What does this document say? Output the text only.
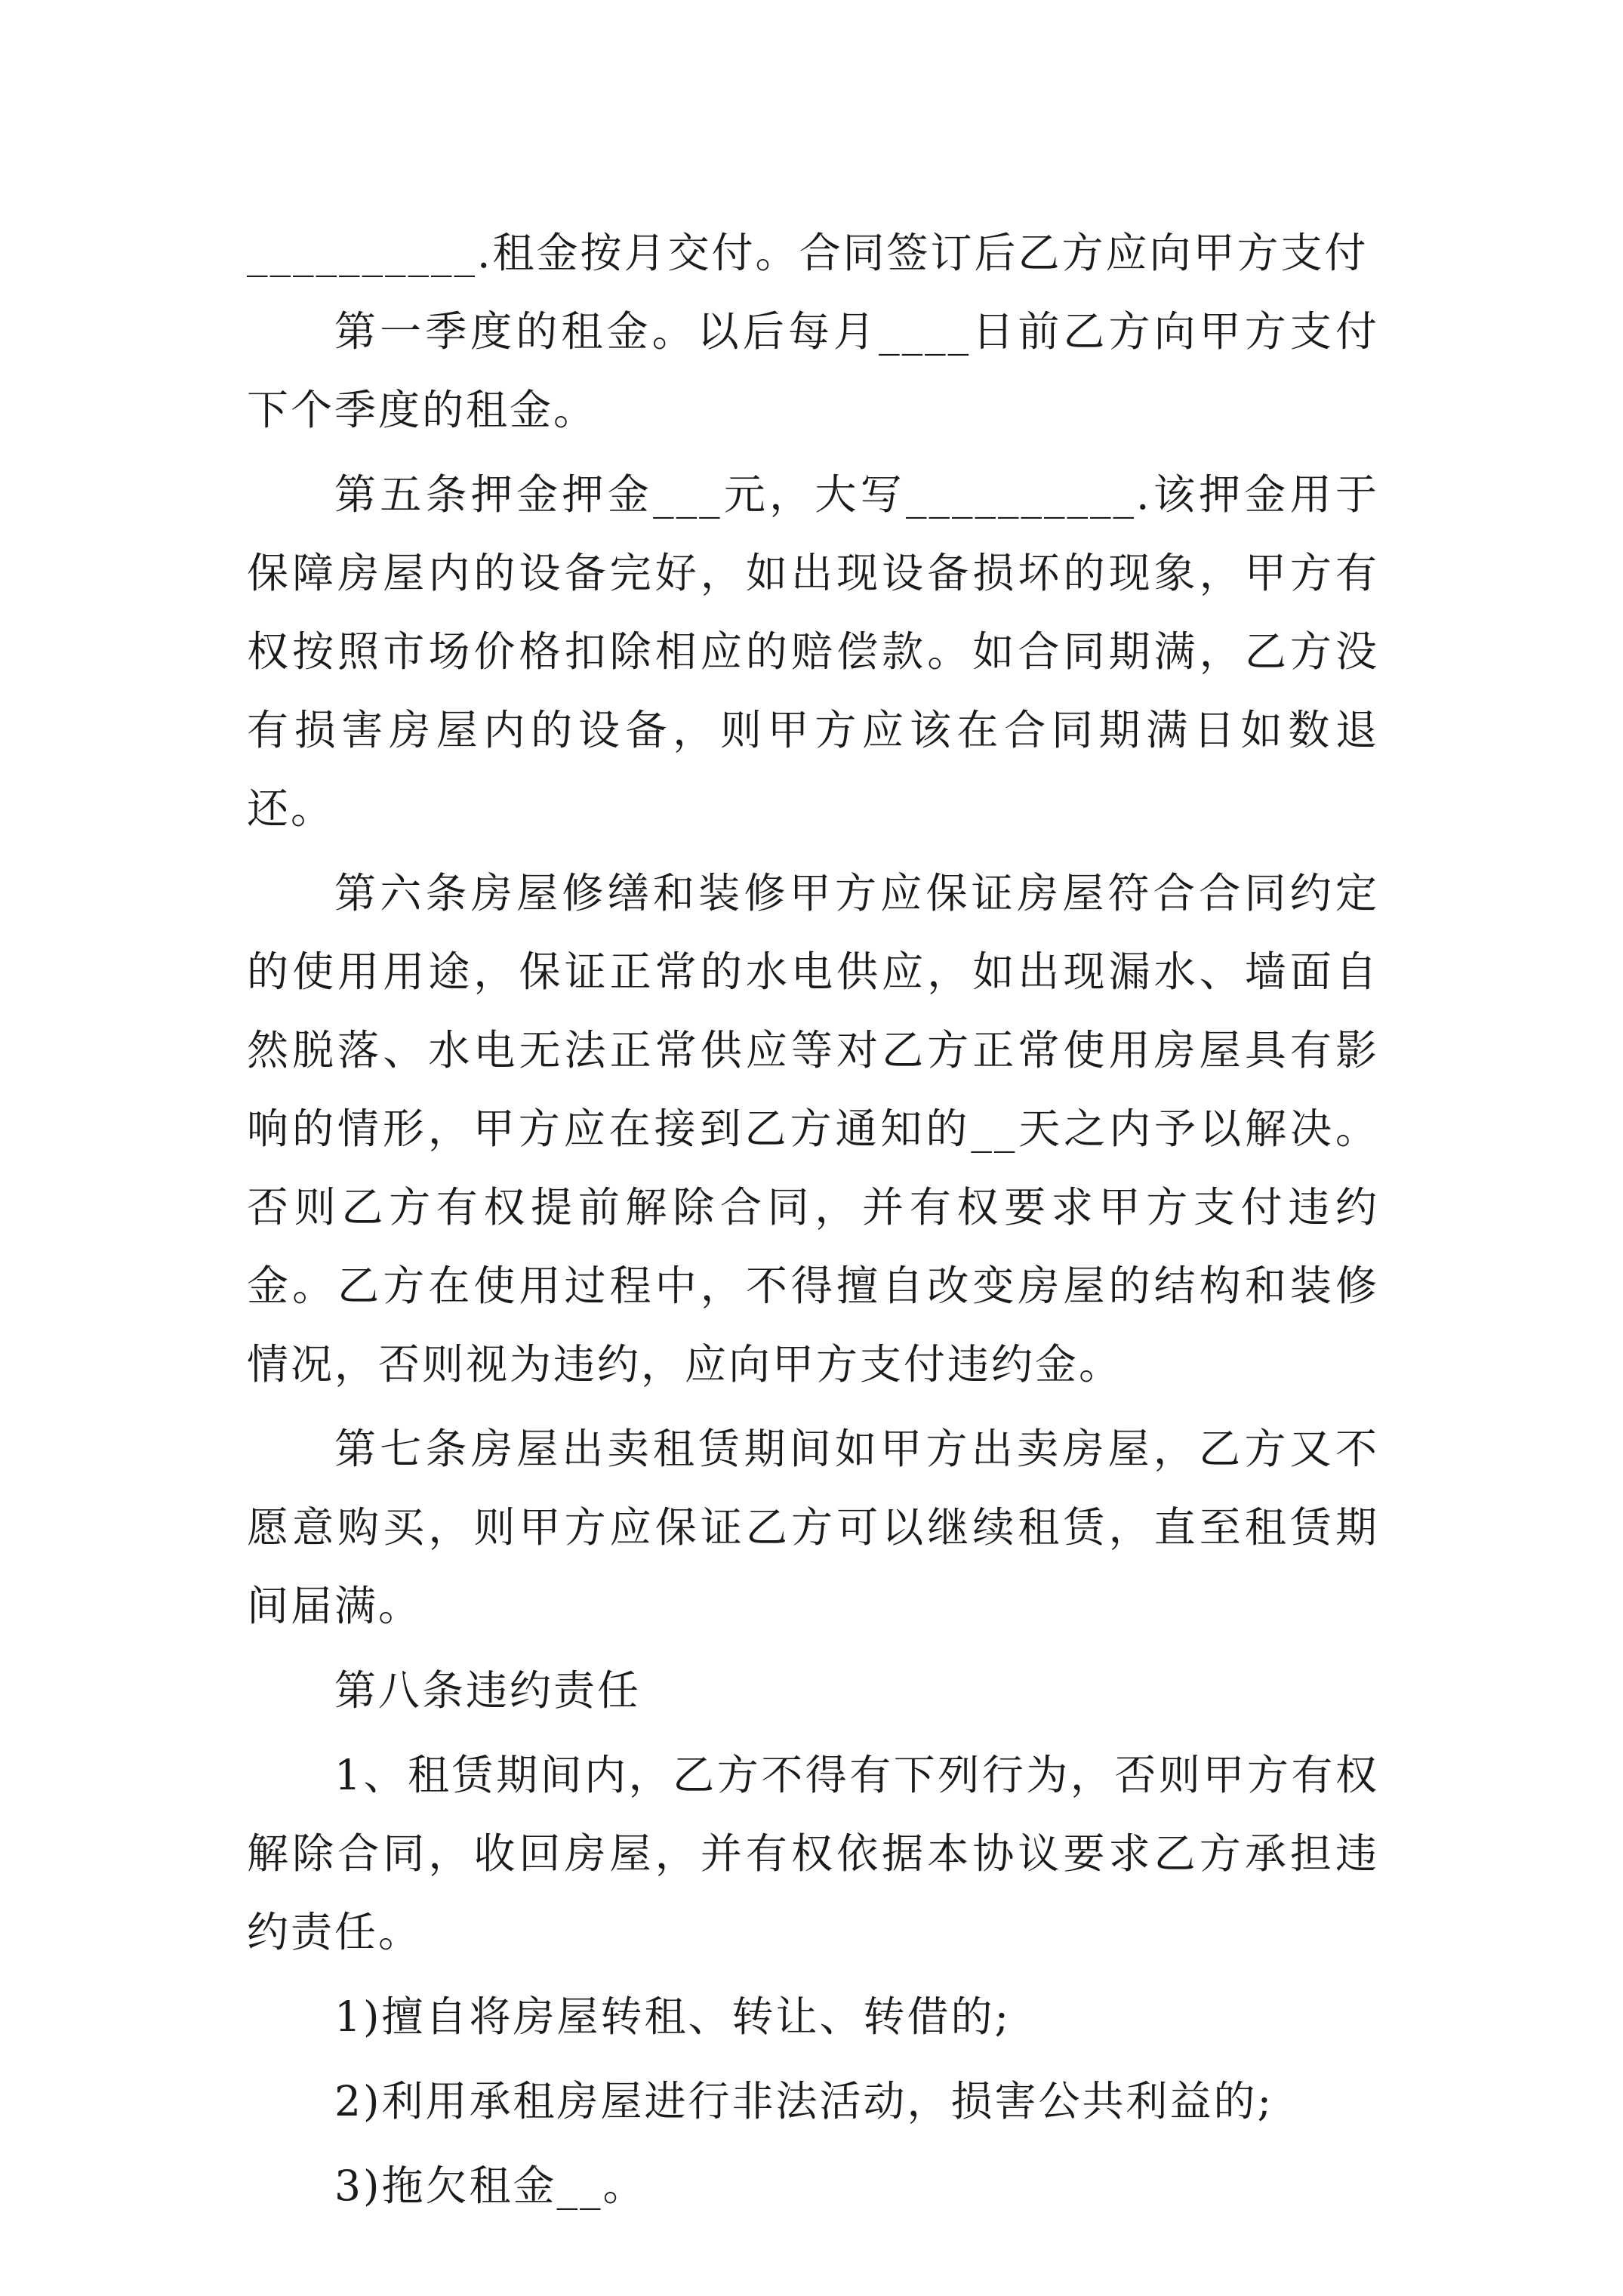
__________.租金按月交付。合同签订后乙方应向甲方支付

第一季度的租金。以后每月____日前乙方向甲方支付下个季度的租金。

第五条押金押金___元，大写__________.该押金用于保障房屋内的设备完好，如出现设备损坏的现象，甲方有权按照市场价格扣除相应的赔偿款。如合同期满，乙方没有损害房屋内的设备，则甲方应该在合同期满日如数退还。

第六条房屋修缮和装修甲方应保证房屋符合合同约定的使用用途，保证正常的水电供应，如出现漏水、墙面自然脱落、水电无法正常供应等对乙方正常使用房屋具有影响的情形，甲方应在接到乙方通知的__天之内予以解决。否则乙方有权提前解除合同，并有权要求甲方支付违约金。乙方在使用过程中，不得擅自改变房屋的结构和装修情况，否则视为违约，应向甲方支付违约金。

第七条房屋出卖租赁期间如甲方出卖房屋，乙方又不愿意购买，则甲方应保证乙方可以继续租赁，直至租赁期间届满。

第八条违约责任

1、租赁期间内，乙方不得有下列行为，否则甲方有权解除合同，收回房屋，并有权依据本协议要求乙方承担违约责任。

1)擅自将房屋转租、转让、转借的;

2)利用承租房屋进行非法活动，损害公共利益的;

3)拖欠租金__。
